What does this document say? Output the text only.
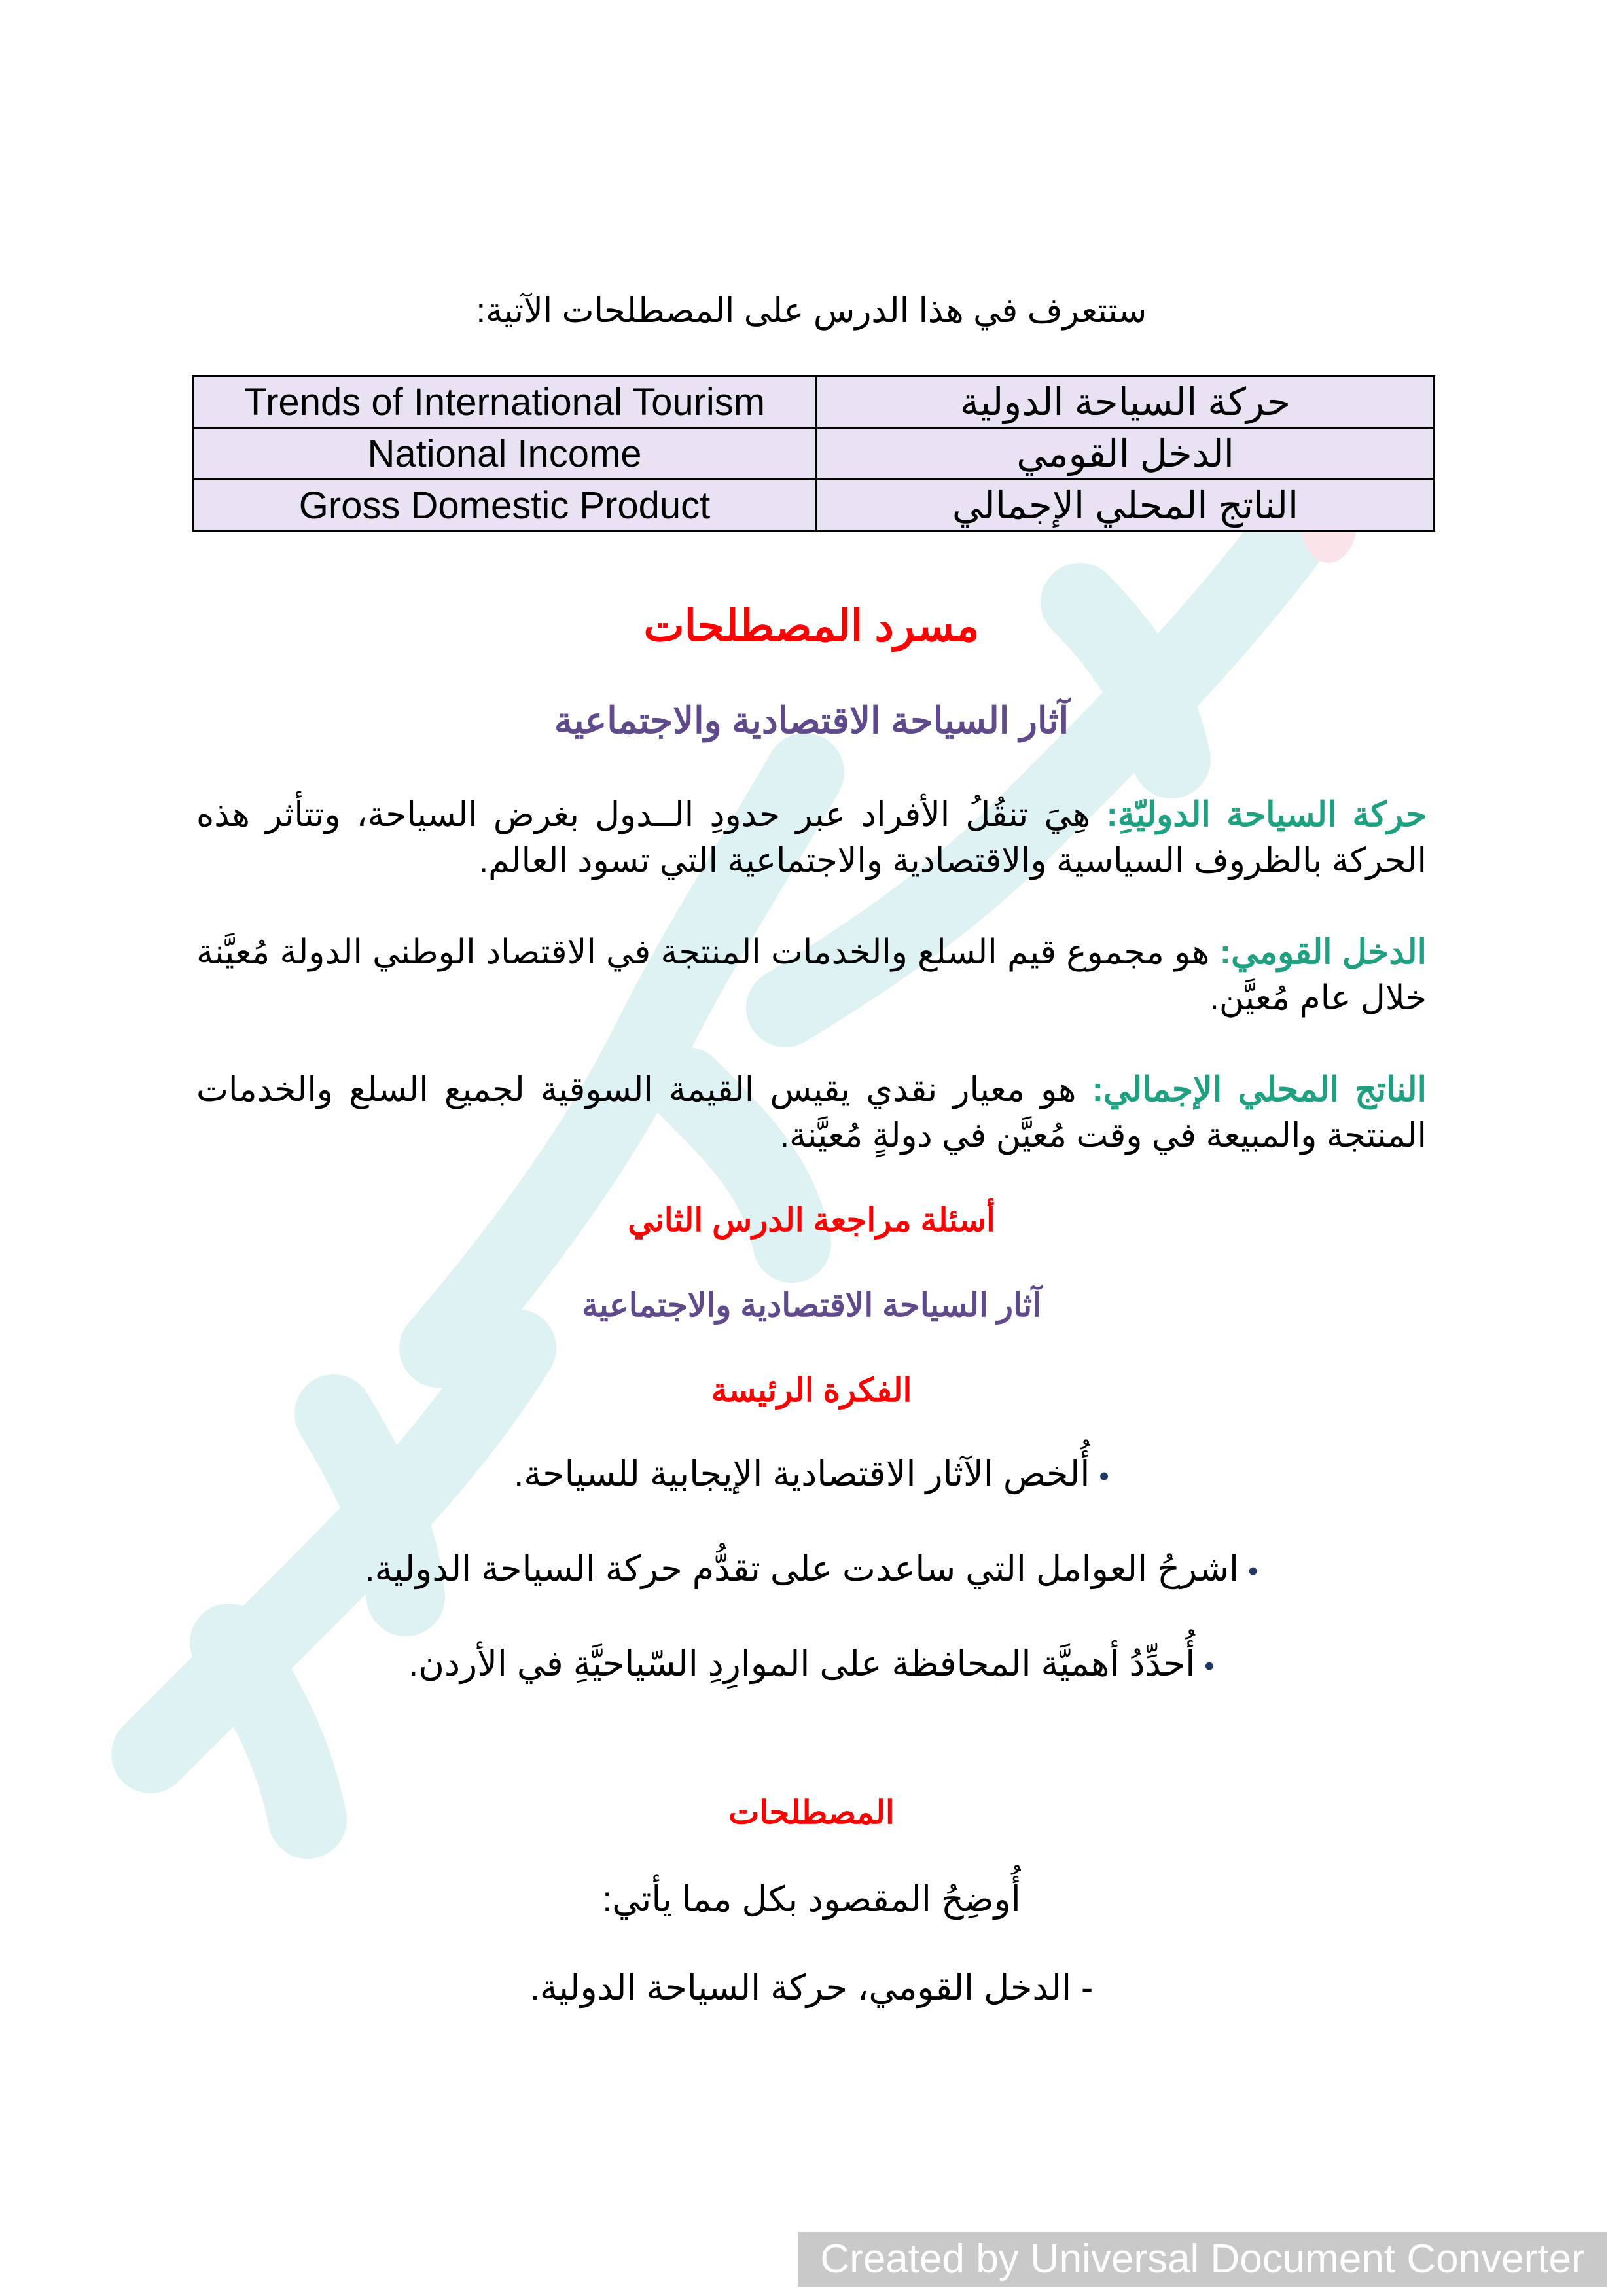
ستتعرف في هذا الدرس على المصطلحات الآتية:
Trends of International Tourism	حركة السياحة الدولية
National Income	الدخل القومي
Gross Domestic Product	الناتج المحلي الإجمالي
مسرد المصطلحات
آثار السياحة الاقتصادية والاجتماعية
حركة السياحة الدوليّةِ: هِيَ تنقُلُ الأفراد عبر حدودِ الــدول بغرض السياحة، وتتأثر هذه الحركة بالظروف السياسية والاقتصادية والاجتماعية التي تسود العالم.
الدخل القومي: هو مجموع قيم السلع والخدمات المنتجة في الاقتصاد الوطني الدولة مُعيَّنة خلال عام مُعيَّن.
الناتج المحلي الإجمالي: هو معيار نقدي يقيس القيمة السوقية لجميع السلع والخدمات المنتجة والمبيعة في وقت مُعيَّن في دولةٍ مُعيَّنة.
أسئلة مراجعة الدرس الثاني
آثار السياحة الاقتصادية والاجتماعية
الفكرة الرئيسة
•أُلخص الآثار الاقتصادية الإيجابية للسياحة.
•اشرحُ العوامل التي ساعدت على تقدُّم حركة السياحة الدولية.
•أُحدِّدُ أهميَّة المحافظة على الموارِدِ السّياحيَّةِ في الأردن.
المصطلحات
أُوضِحُ المقصود بكل مما يأتي:
- الدخل القومي، حركة السياحة الدولية.
Created by Universal Document Converter
